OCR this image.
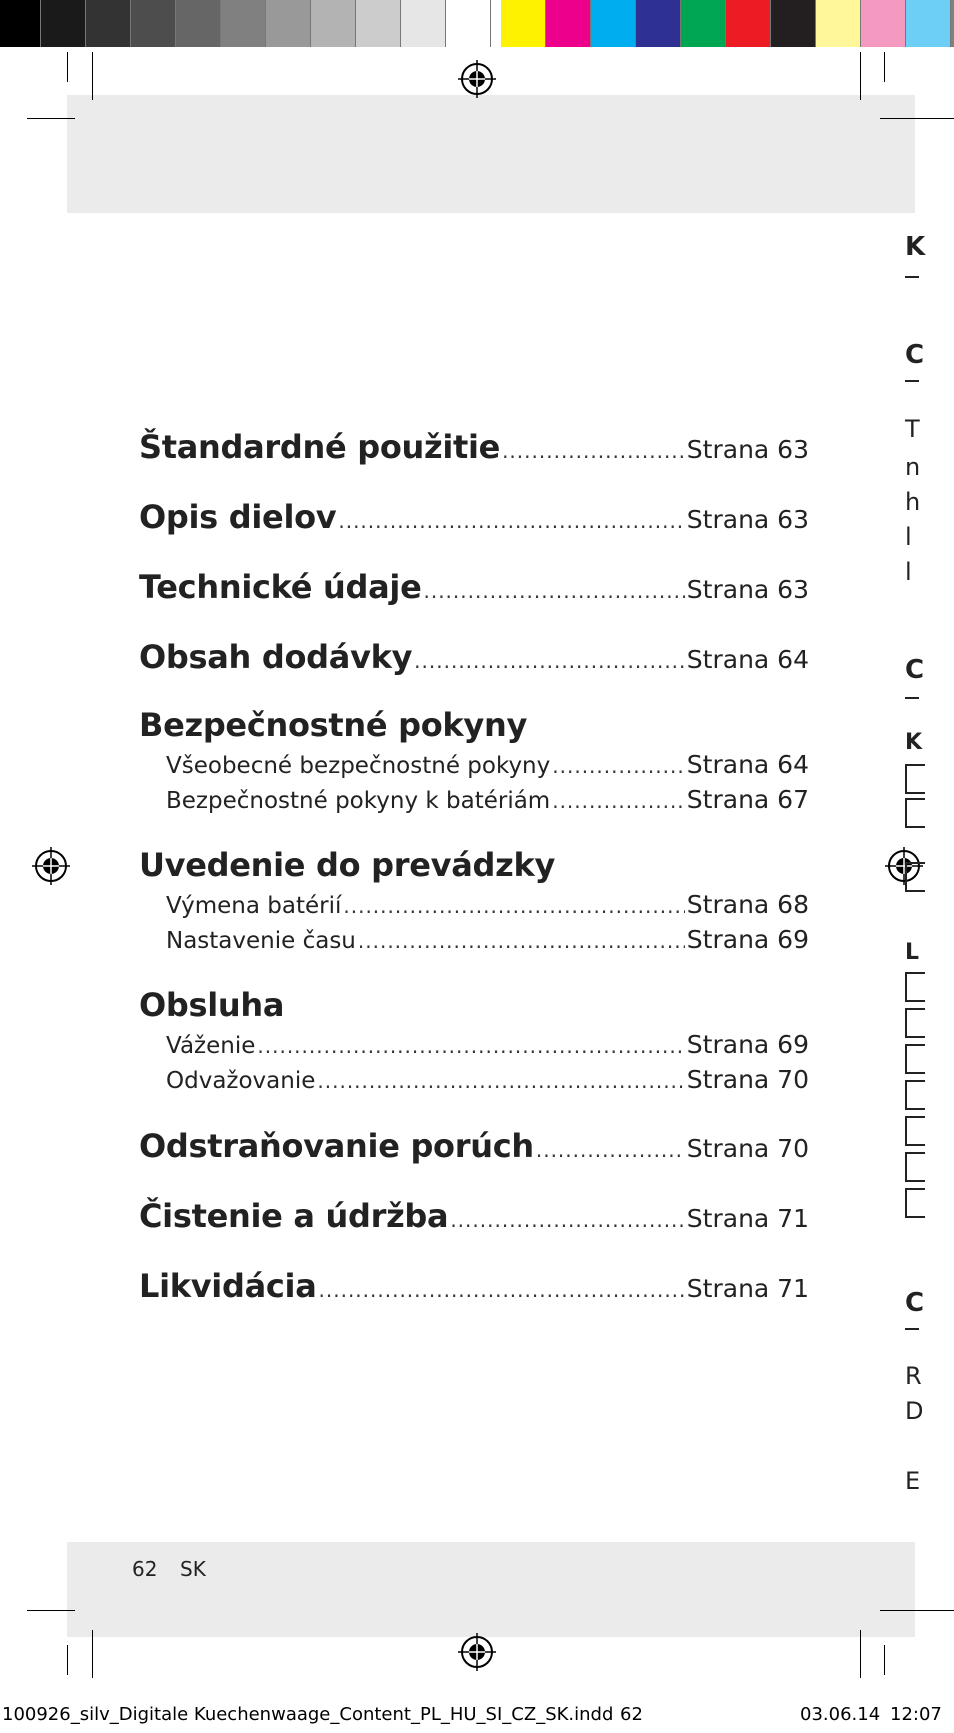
Štandardné použitie .....	Strana 63
Opis dielov .....	Strana 63
Technické údaje .....	Strana 63
Obsah dodávky .....	Strana 64
Bezpečnostné pokyny
Všeobecné bezpečnostné pokyny .....	Strana 64
Bezpečnostné pokyny k batériám .....	Strana 67
Uvedenie do prevádzky
Výmena batérií .....	Strana 68
Nastavenie času .....	Strana 69
Obsluha
Váženie .....	Strana 69
Odvažovanie .....	Strana 70
Odstraňovanie porúch .....	Strana 70
Čistenie a údržba .....	Strana 71
Likvidácia .....	Strana 71
62 SK
100926_silv_Digitale Kuechenwaage_Content_PL_HU_SI_CZ_SK.indd 62	03.06.14 12:07
K
C
T
n
h
l
l
C
K
L
C
R
D
E
